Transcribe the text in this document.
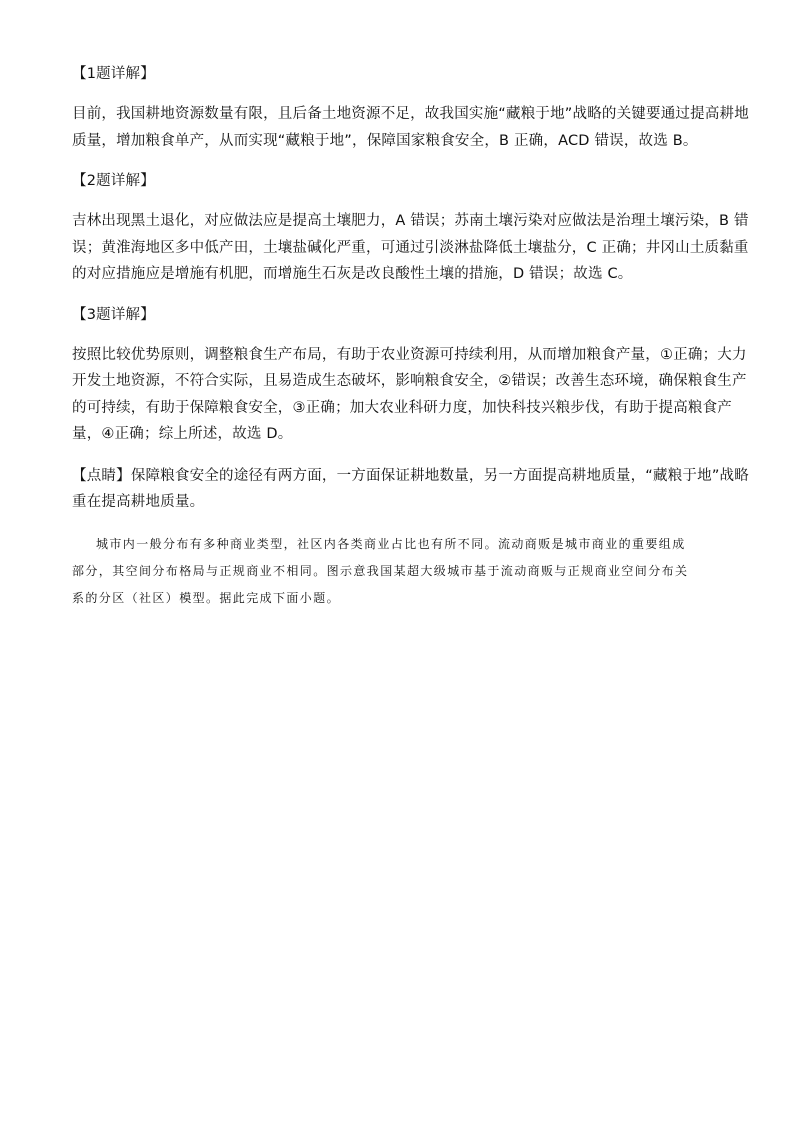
【1题详解】
目前，我国耕地资源数量有限，且后备土地资源不足，故我国实施“藏粮于地”战略的关键要通过提高耕地
质量，增加粮食单产，从而实现“藏粮于地”，保障国家粮食安全，B 正确，ACD 错误，故选 B。
【2题详解】
吉林出现黑土退化，对应做法应是提高土壤肥力，A 错误；苏南土壤污染对应做法是治理土壤污染，B 错
误；黄淮海地区多中低产田，土壤盐碱化严重，可通过引淡淋盐降低土壤盐分，C 正确；井冈山土质黏重
的对应措施应是增施有机肥，而增施生石灰是改良酸性土壤的措施，D 错误；故选 C。
【3题详解】
按照比较优势原则，调整粮食生产布局，有助于农业资源可持续利用，从而增加粮食产量，①正确；大力
开发土地资源，不符合实际，且易造成生态破坏，影响粮食安全，②错误；改善生态环境，确保粮食生产
的可持续，有助于保障粮食安全，③正确；加大农业科研力度，加快科技兴粮步伐，有助于提高粮食产
量，④正确；综上所述，故选 D。
【点睛】保障粮食安全的途径有两方面，一方面保证耕地数量，另一方面提高耕地质量，“藏粮于地”战略
重在提高耕地质量。
城市内一般分布有多种商业类型，社区内各类商业占比也有所不同。流动商贩是城市商业的重要组成
部分，其空间分布格局与正规商业不相同。图示意我国某超大级城市基于流动商贩与正规商业空间分布关
系的分区（社区）模型。据此完成下面小题。
